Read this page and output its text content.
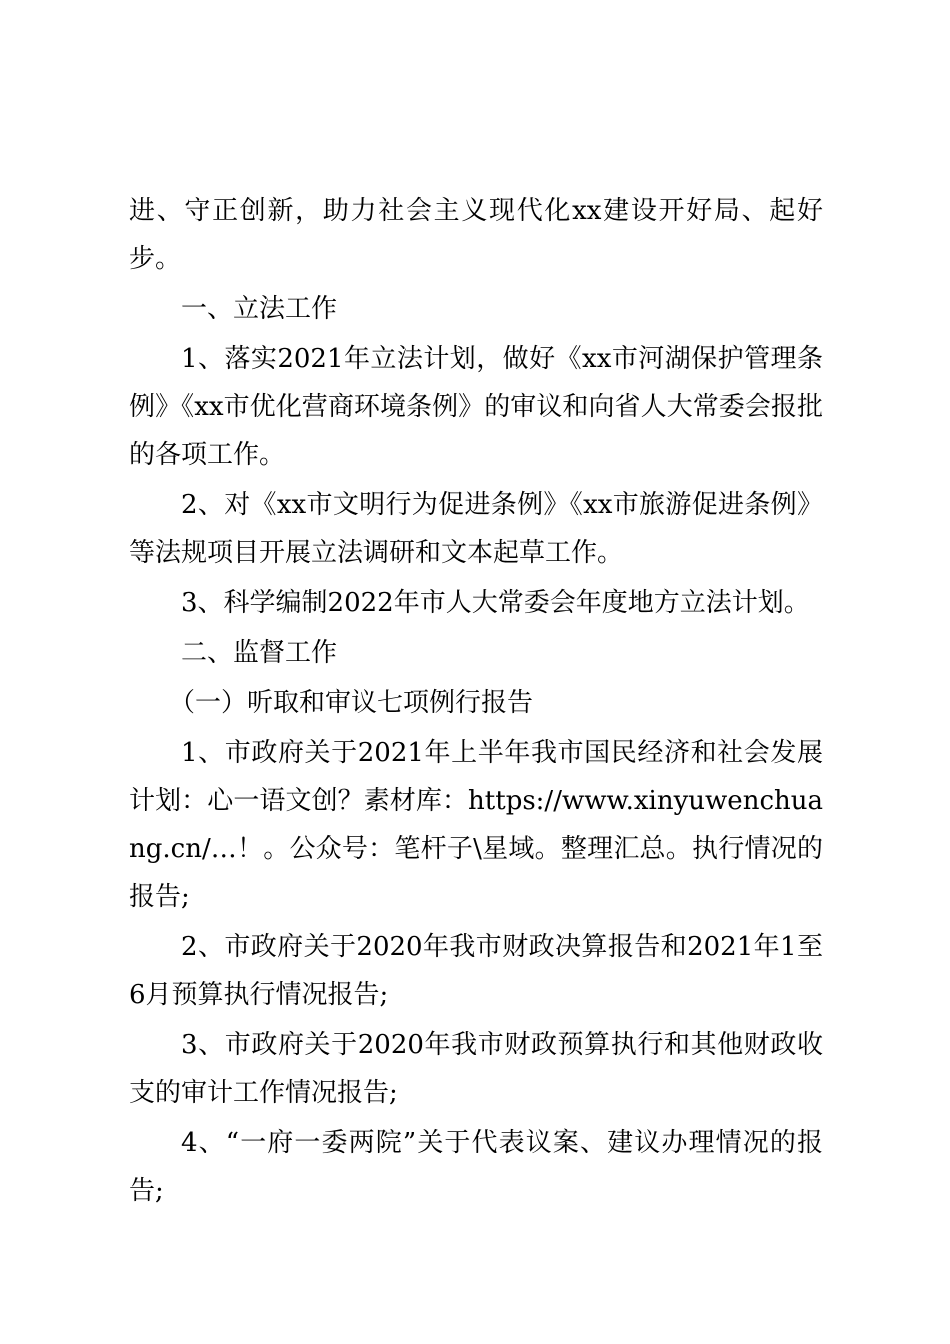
进、守正创新，助力社会主义现代化xx建设开好局、起好步。

一、立法工作

1、落实2021年立法计划，做好《xx市河湖保护管理条例》《xx市优化营商环境条例》的审议和向省人大常委会报批的各项工作。

2、对《xx市文明行为促进条例》《xx市旅游促进条例》等法规项目开展立法调研和文本起草工作。

3、科学编制2022年市人大常委会年度地方立法计划。

二、监督工作

（一）听取和审议七项例行报告

1、市政府关于2021年上半年我市国民经济和社会发展计划：心一语文创？素材库：https://www.xinyuwenchuang.cn/…！。公众号：笔杆子\星域。整理汇总。执行情况的报告;

2、市政府关于2020年我市财政决算报告和2021年1至6月预算执行情况报告;

3、市政府关于2020年我市财政预算执行和其他财政收支的审计工作情况报告;

4、“一府一委两院”关于代表议案、建议办理情况的报告;
